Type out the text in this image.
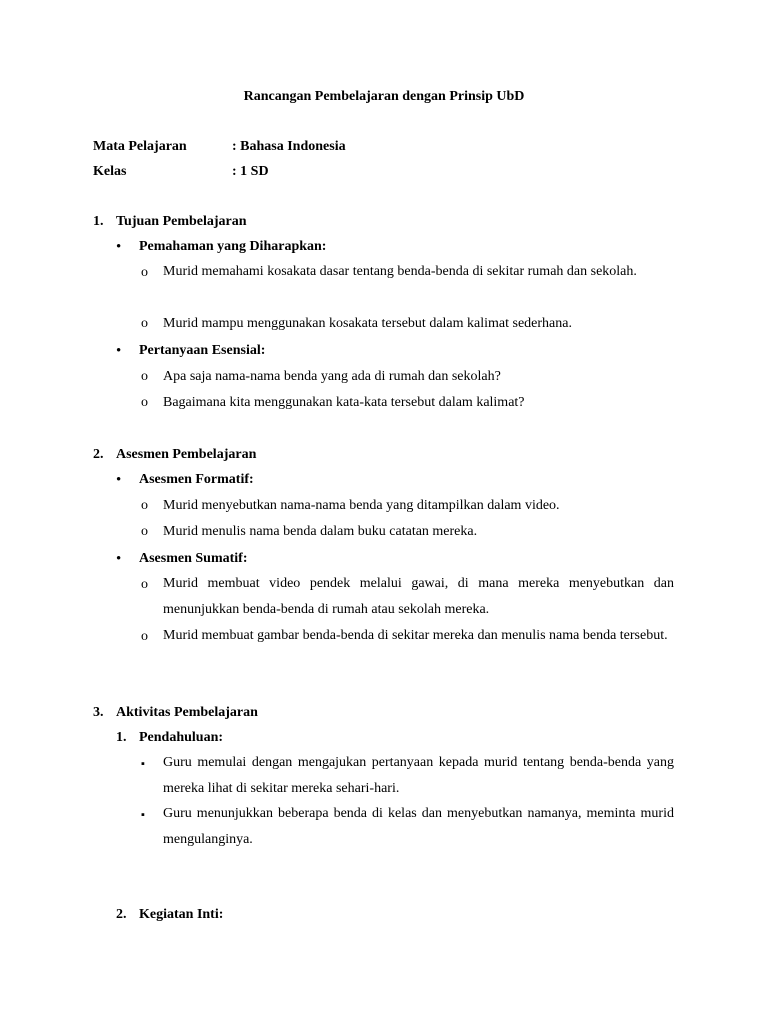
Rancangan Pembelajaran dengan Prinsip UbD
Mata Pelajaran	: Bahasa Indonesia
Kelas	: 1 SD
1. Tujuan Pembelajaran
• Pemahaman yang Diharapkan:
o Murid memahami kosakata dasar tentang benda-benda di sekitar rumah dan sekolah.
o Murid mampu menggunakan kosakata tersebut dalam kalimat sederhana.
• Pertanyaan Esensial:
o Apa saja nama-nama benda yang ada di rumah dan sekolah?
o Bagaimana kita menggunakan kata-kata tersebut dalam kalimat?
2. Asesmen Pembelajaran
• Asesmen Formatif:
o Murid menyebutkan nama-nama benda yang ditampilkan dalam video.
o Murid menulis nama benda dalam buku catatan mereka.
• Asesmen Sumatif:
o Murid membuat video pendek melalui gawai, di mana mereka menyebutkan dan menunjukkan benda-benda di rumah atau sekolah mereka.
o Murid membuat gambar benda-benda di sekitar mereka dan menulis nama benda tersebut.
3. Aktivitas Pembelajaran
1. Pendahuluan:
▪ Guru memulai dengan mengajukan pertanyaan kepada murid tentang benda-benda yang mereka lihat di sekitar mereka sehari-hari.
▪ Guru menunjukkan beberapa benda di kelas dan menyebutkan namanya, meminta murid mengulanginya.
2. Kegiatan Inti:
